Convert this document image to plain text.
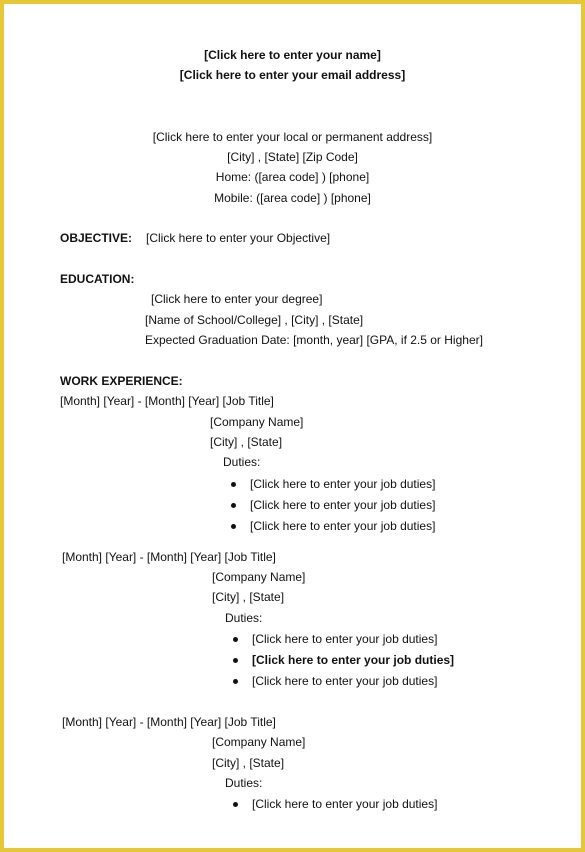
[Click here to enter your name]
[Click here to enter your email address]
[Click here to enter your local or permanent address]
[City] , [State] [Zip Code]
Home: ([area code] ) [phone]
Mobile: ([area code] ) [phone]
OBJECTIVE: [Click here to enter your Objective]
EDUCATION:
[Click here to enter your degree]
[Name of School/College] , [City] , [State]
Expected Graduation Date: [month, year] [GPA, if 2.5 or Higher]
WORK EXPERIENCE:
[Month] [Year] - [Month] [Year] [Job Title]
[Company Name]
[City] , [State]
Duties:
[Click here to enter your job duties]
[Click here to enter your job duties]
[Click here to enter your job duties]
[Month] [Year] - [Month] [Year] [Job Title]
[Company Name]
[City] , [State]
Duties:
[Click here to enter your job duties]
[Click here to enter your job duties]
[Click here to enter your job duties]
[Month] [Year] - [Month] [Year] [Job Title]
[Company Name]
[City] , [State]
Duties:
[Click here to enter your job duties]
